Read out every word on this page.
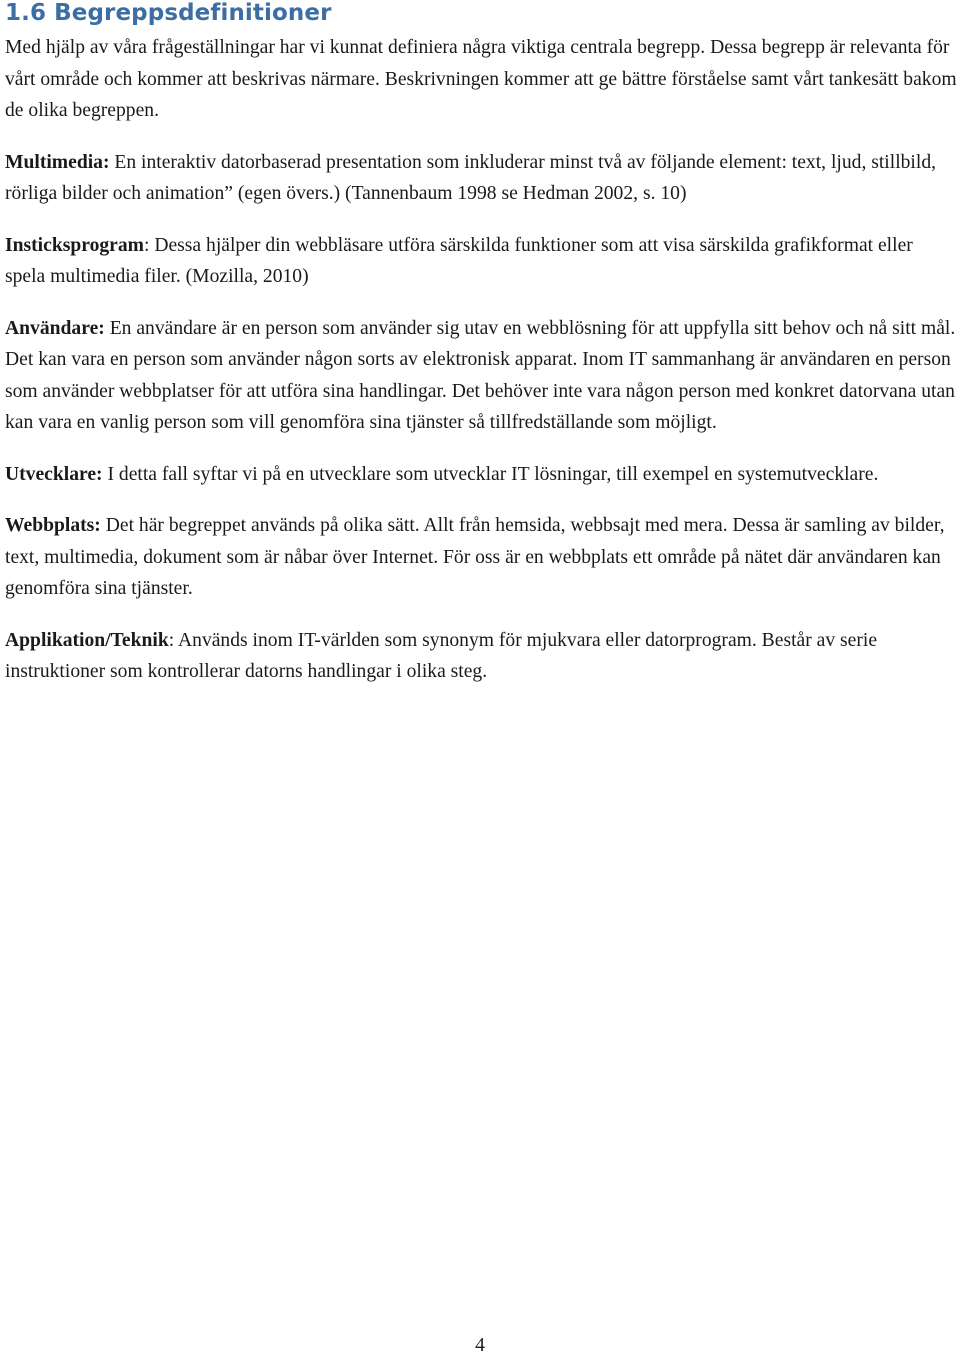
1.6 Begreppsdefinitioner

Med hjälp av våra frågeställningar har vi kunnat definiera några viktiga centrala begrepp. Dessa begrepp är relevanta för vårt område och kommer att beskrivas närmare. Beskrivningen kommer att ge bättre förståelse samt vårt tankesätt bakom de olika begreppen.

Multimedia: En interaktiv datorbaserad presentation som inkluderar minst två av följande element: text, ljud, stillbild, rörliga bilder och animation” (egen övers.) (Tannenbaum 1998 se Hedman 2002, s. 10)

Insticksprogram: Dessa hjälper din webbläsare utföra särskilda funktioner som att visa särskilda grafikformat eller spela multimedia filer. (Mozilla, 2010)

Användare: En användare är en person som använder sig utav en webblösning för att uppfylla sitt behov och nå sitt mål. Det kan vara en person som använder någon sorts av elektronisk apparat. Inom IT sammanhang är användaren en person som använder webbplatser för att utföra sina handlingar. Det behöver inte vara någon person med konkret datorvana utan kan vara en vanlig person som vill genomföra sina tjänster så tillfredställande som möjligt.

Utvecklare: I detta fall syftar vi på en utvecklare som utvecklar IT lösningar, till exempel en systemutvecklare.

Webbplats: Det här begreppet används på olika sätt. Allt från hemsida, webbsajt med mera. Dessa är samling av bilder, text, multimedia, dokument som är nåbar över Internet. För oss är en webbplats ett område på nätet där användaren kan genomföra sina tjänster.

Applikation/Teknik: Används inom IT-världen som synonym för mjukvara eller datorprogram. Består av serie instruktioner som kontrollerar datorns handlingar i olika steg.

4
